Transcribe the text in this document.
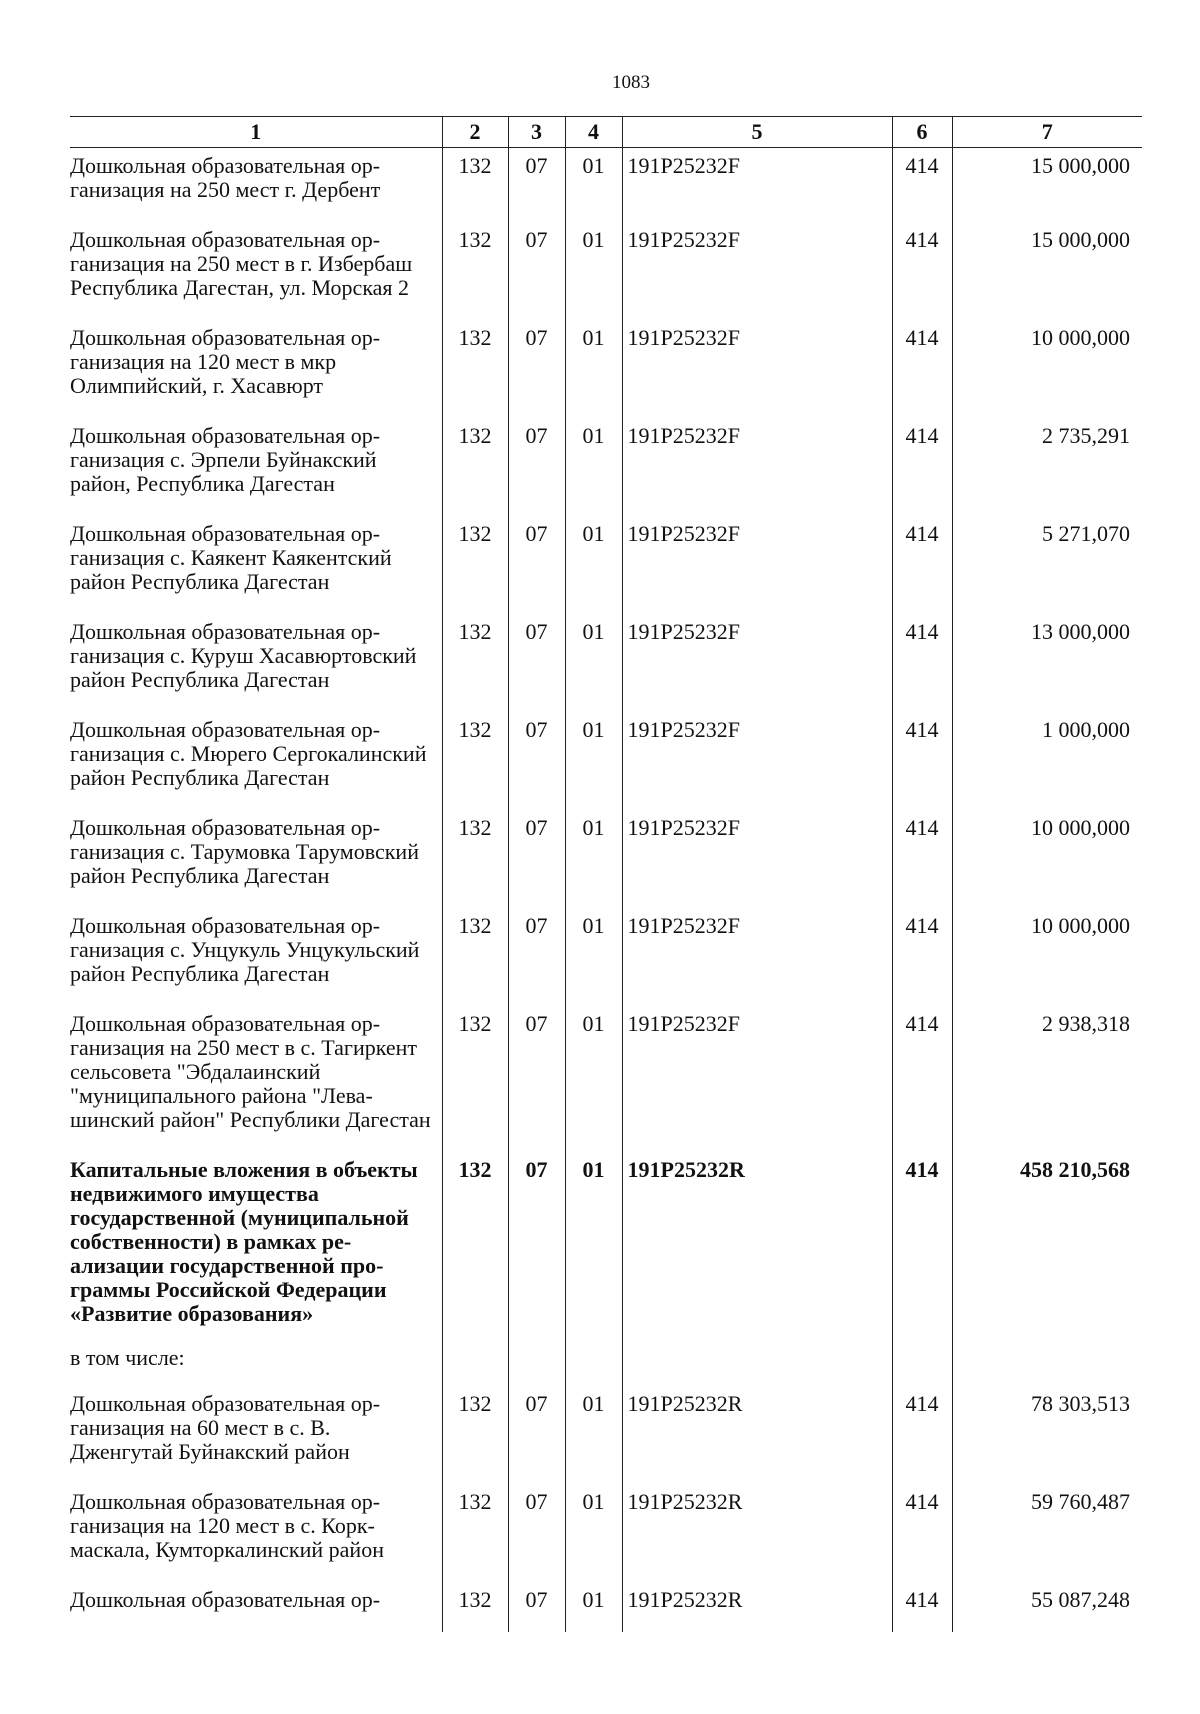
1083
1	2	3	4	5	6	7
Дошкольная образовательная организация на 250 мест г. Дербент	132	07	01	191P25232F	414	15 000,000
Дошкольная образовательная организация на 250 мест в г. Избербаш Республика Дагестан, ул. Морская 2	132	07	01	191P25232F	414	15 000,000
Дошкольная образовательная организация на 120 мест в мкр Олимпийский, г. Хасавюрт	132	07	01	191P25232F	414	10 000,000
Дошкольная образовательная организация с. Эрпели Буйнакский район, Республика Дагестан	132	07	01	191P25232F	414	2 735,291
Дошкольная образовательная организация с. Каякент Каякентский район Республика Дагестан	132	07	01	191P25232F	414	5 271,070
Дошкольная образовательная организация с. Куруш Хасавюртовский район Республика Дагестан	132	07	01	191P25232F	414	13 000,000
Дошкольная образовательная организация с. Мюрего Сергокалинский район Республика Дагестан	132	07	01	191P25232F	414	1 000,000
Дошкольная образовательная организация с. Тарумовка Тарумовский район Республика Дагестан	132	07	01	191P25232F	414	10 000,000
Дошкольная образовательная организация с. Унцукуль Унцукульский район Республика Дагестан	132	07	01	191P25232F	414	10 000,000
Дошкольная образовательная организация на 250 мест в с. Тагиркент сельсовета "Эбдалаинский "муниципального района "Левашинский район" Республики Дагестан	132	07	01	191P25232F	414	2 938,318
Капитальные вложения в объекты недвижимого имущества государственной (муниципальной собственности) в рамках реализации государственной программы Российской Федерации «Развитие образования»	132	07	01	191P25232R	414	458 210,568
в том числе:						
Дошкольная образовательная организация на 60 мест в с. В. Дженгутай Буйнакский район	132	07	01	191P25232R	414	78 303,513
Дошкольная образовательная организация на 120 мест в с. Коркмаскала, Кумторкалинский район	132	07	01	191P25232R	414	59 760,487
Дошкольная образовательная ор-	132	07	01	191P25232R	414	55 087,248
